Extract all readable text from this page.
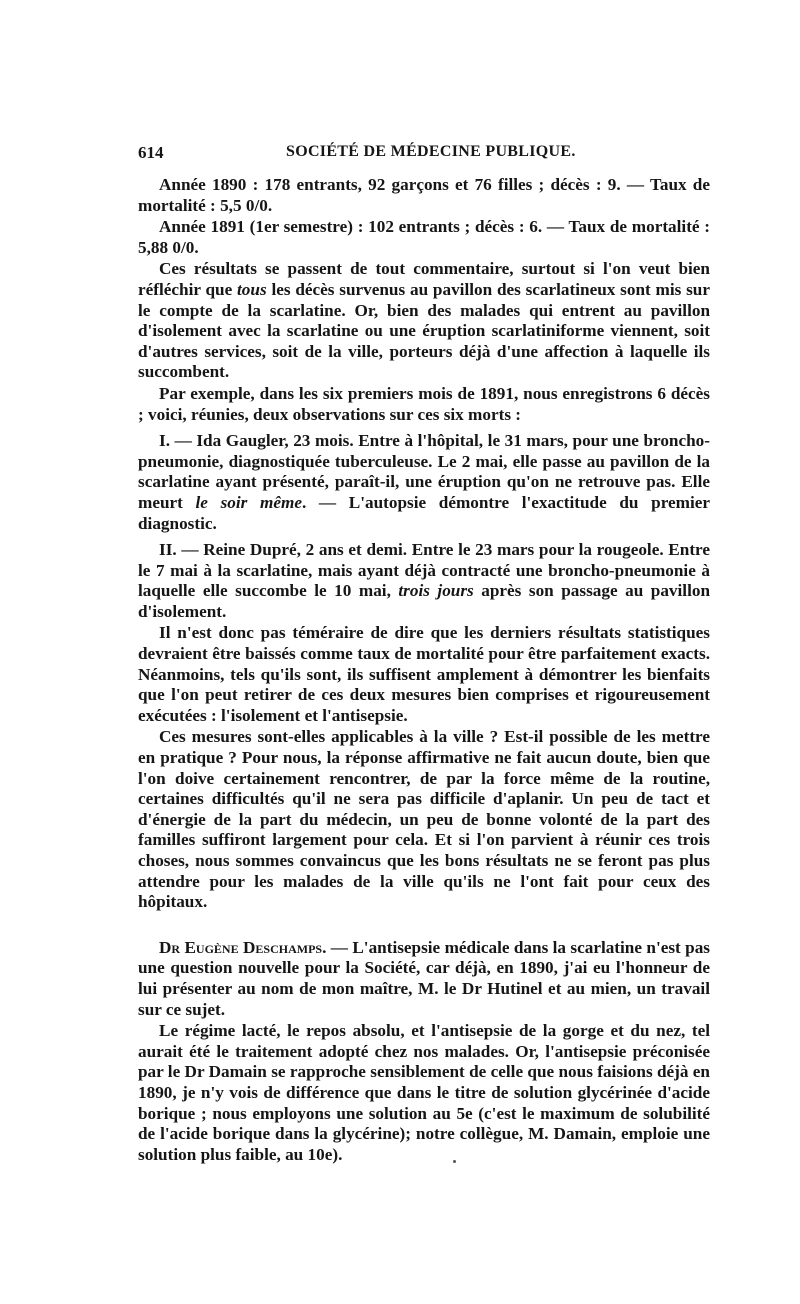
614	SOCIÉTÉ DE MÉDECINE PUBLIQUE.

Année 1890 : 178 entrants, 92 garçons et 76 filles ; décès : 9. — Taux de mortalité : 5,5 0/0.

Année 1891 (1er semestre) : 102 entrants ; décès : 6. — Taux de mortalité : 5,88 0/0.

Ces résultats se passent de tout commentaire, surtout si l'on veut bien réfléchir que tous les décès survenus au pavillon des scarlatineux sont mis sur le compte de la scarlatine. Or, bien des malades qui entrent au pavillon d'isolement avec la scarlatine ou une éruption scarlatiniforme viennent, soit d'autres services, soit de la ville, porteurs déjà d'une affection à laquelle ils succombent.

Par exemple, dans les six premiers mois de 1891, nous enregistrons 6 décès ; voici, réunies, deux observations sur ces six morts :

I. — Ida Gaugler, 23 mois. Entre à l'hôpital, le 31 mars, pour une broncho-pneumonie, diagnostiquée tuberculeuse. Le 2 mai, elle passe au pavillon de la scarlatine ayant présenté, paraît-il, une éruption qu'on ne retrouve pas. Elle meurt le soir même. — L'autopsie démontre l'exactitude du premier diagnostic.

II. — Reine Dupré, 2 ans et demi. Entre le 23 mars pour la rougeole. Entre le 7 mai à la scarlatine, mais ayant déjà contracté une broncho-pneumonie à laquelle elle succombe le 10 mai, trois jours après son passage au pavillon d'isolement.

Il n'est donc pas téméraire de dire que les derniers résultats statistiques devraient être baissés comme taux de mortalité pour être parfaitement exacts. Néanmoins, tels qu'ils sont, ils suffisent amplement à démontrer les bienfaits que l'on peut retirer de ces deux mesures bien comprises et rigoureusement exécutées : l'isolement et l'antisepsie.

Ces mesures sont-elles applicables à la ville ? Est-il possible de les mettre en pratique ? Pour nous, la réponse affirmative ne fait aucun doute, bien que l'on doive certainement rencontrer, de par la force même de la routine, certaines difficultés qu'il ne sera pas difficile d'aplanir. Un peu de tact et d'énergie de la part du médecin, un peu de bonne volonté de la part des familles suffiront largement pour cela. Et si l'on parvient à réunir ces trois choses, nous sommes convaincus que les bons résultats ne se feront pas plus attendre pour les malades de la ville qu'ils ne l'ont fait pour ceux des hôpitaux.

Dr Eugène Deschamps. — L'antisepsie médicale dans la scarlatine n'est pas une question nouvelle pour la Société, car déjà, en 1890, j'ai eu l'honneur de lui présenter au nom de mon maître, M. le Dr Hutinel et au mien, un travail sur ce sujet.

Le régime lacté, le repos absolu, et l'antisepsie de la gorge et du nez, tel aurait été le traitement adopté chez nos malades. Or, l'antisepsie préconisée par le Dr Damain se rapproche sensiblement de celle que nous faisions déjà en 1890, je n'y vois de différence que dans le titre de solution glycérinée d'acide borique ; nous employons une solution au 5e (c'est le maximum de solubilité de l'acide borique dans la glycérine); notre collègue, M. Damain, emploie une solution plus faible, au 10e).
